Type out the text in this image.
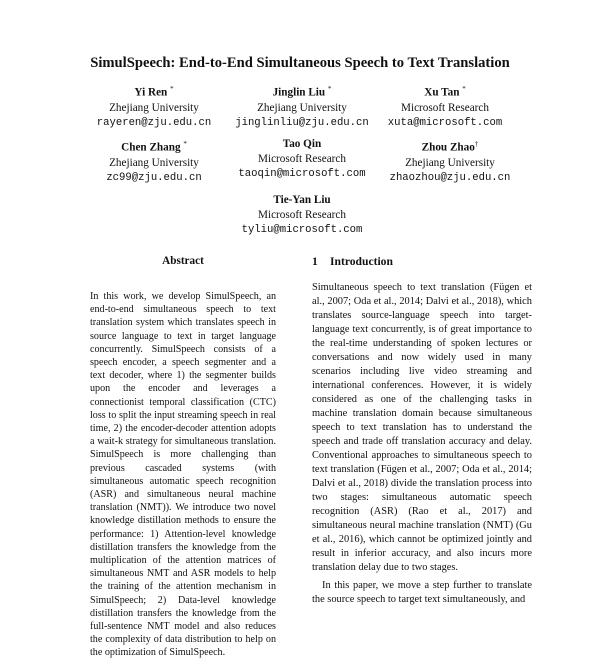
SimulSpeech: End-to-End Simultaneous Speech to Text Translation
Yi Ren *
Zhejiang University
rayeren@zju.edu.cn
Jinglin Liu *
Zhejiang University
jinglinliu@zju.edu.cn
Xu Tan *
Microsoft Research
xuta@microsoft.com
Chen Zhang *
Zhejiang University
zc99@zju.edu.cn
Tao Qin
Microsoft Research
taoqin@microsoft.com
Zhou Zhao†
Zhejiang University
zhaozhou@zju.edu.cn
Tie-Yan Liu
Microsoft Research
tyliu@microsoft.com
Abstract
In this work, we develop SimulSpeech, an end-to-end simultaneous speech to text translation system which translates speech in source language to text in target language concurrently. SimulSpeech consists of a speech encoder, a speech segmenter and a text decoder, where 1) the segmenter builds upon the encoder and leverages a connectionist temporal classification (CTC) loss to split the input streaming speech in real time, 2) the encoder-decoder attention adopts a wait-k strategy for simultaneous translation. SimulSpeech is more challenging than previous cascaded systems (with simultaneous automatic speech recognition (ASR) and simultaneous neural machine translation (NMT)). We introduce two novel knowledge distillation methods to ensure the performance: 1) Attention-level knowledge distillation transfers the knowledge from the multiplication of the attention matrices of simultaneous NMT and ASR models to help the training of the attention mechanism in SimulSpeech; 2) Data-level knowledge distillation transfers the knowledge from the full-sentence NMT model and also reduces the complexity of data distribution to help on the optimization of SimulSpeech.
1 Introduction

Simultaneous speech to text translation (Fügen et al., 2007; Oda et al., 2014; Dalvi et al., 2018), which translates source-language speech into target-language text concurrently, is of great importance to the real-time understanding of spoken lectures or conversations and now widely used in many scenarios including live video streaming and international conferences. However, it is widely considered as one of the challenging tasks in machine translation domain because simultaneous speech to text translation has to understand the speech and trade off translation accuracy and delay. Conventional approaches to simultaneous speech to text translation (Fügen et al., 2007; Oda et al., 2014; Dalvi et al., 2018) divide the translation process into two stages: simultaneous automatic speech recognition (ASR) (Rao et al., 2017) and simultaneous neural machine translation (NMT) (Gu et al., 2016), which cannot be optimized jointly and result in inferior accuracy, and also incurs more translation delay due to two stages.

In this paper, we move a step further to translate the source speech to target text simultaneously, and
